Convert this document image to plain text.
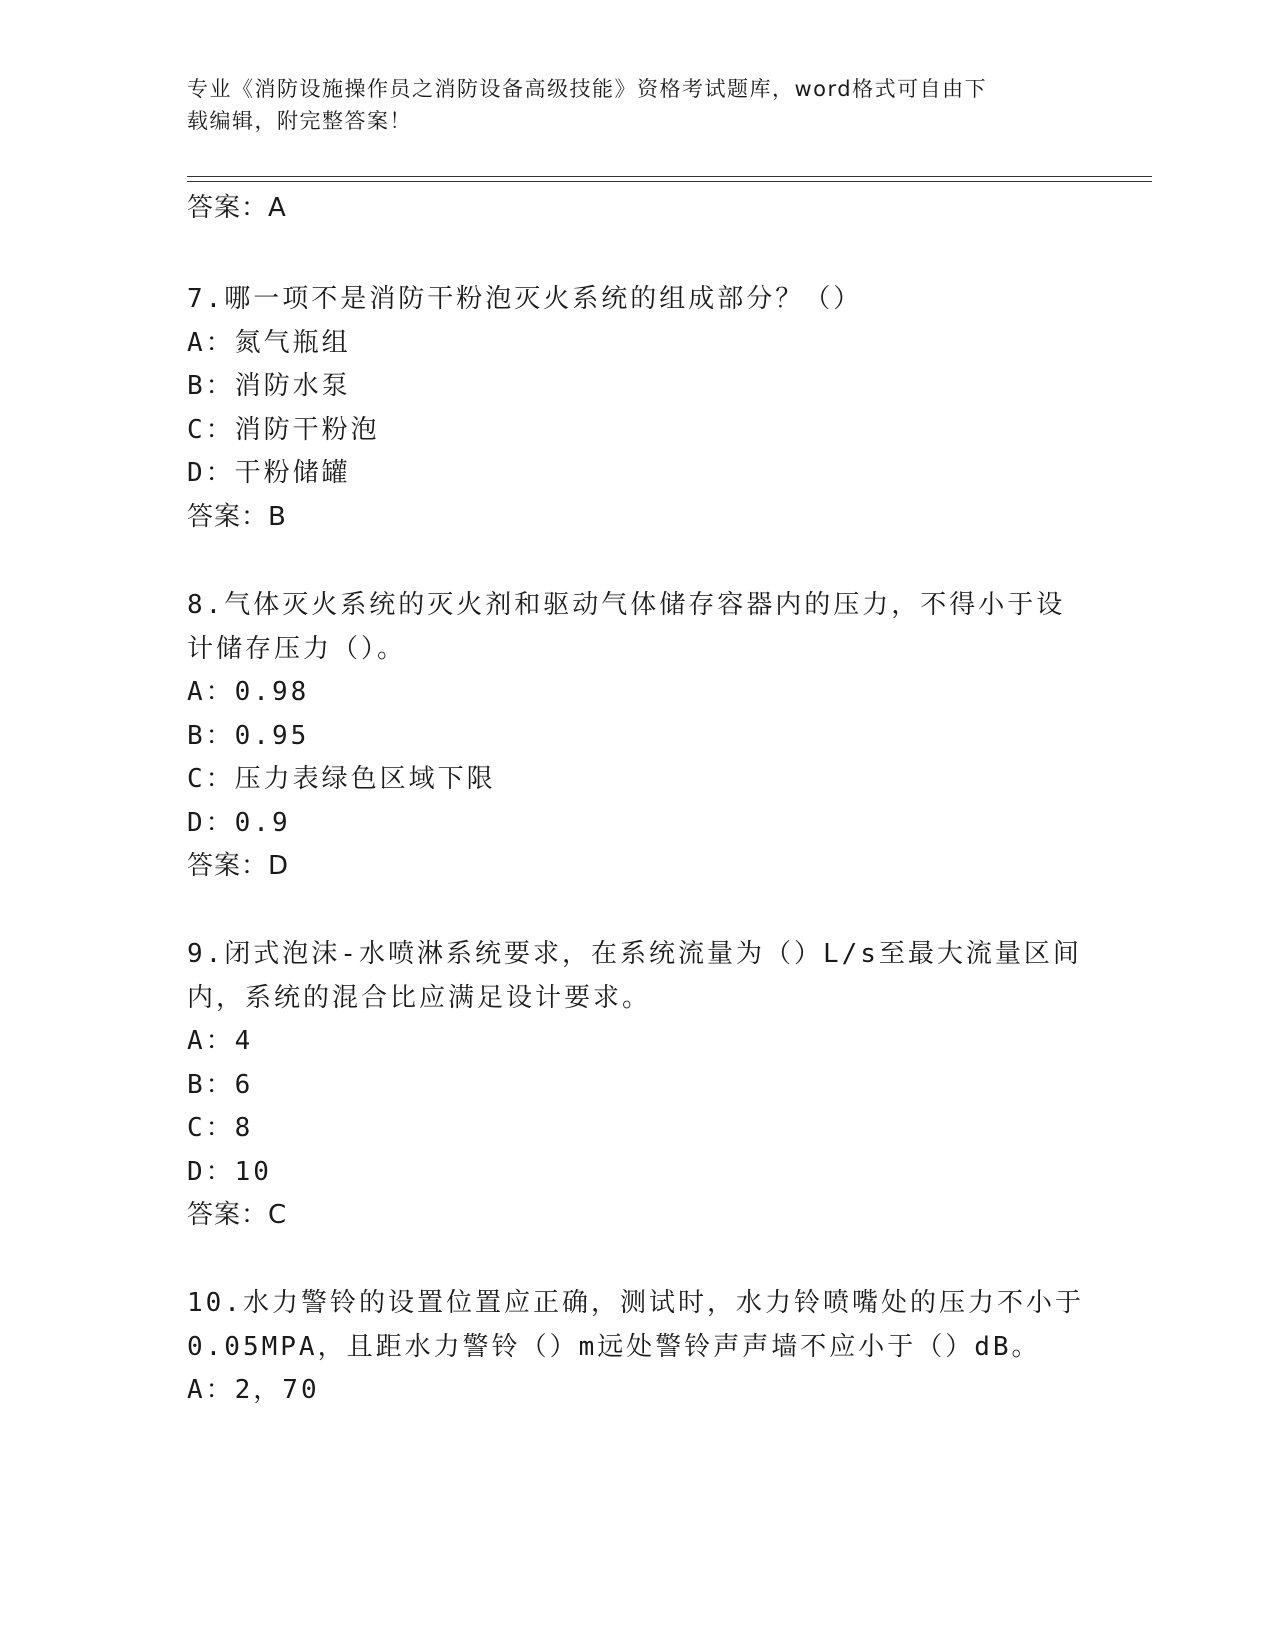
专业《消防设施操作员之消防设备高级技能》资格考试题库，word格式可自由下
载编辑，附完整答案！
答案：A
7.哪一项不是消防干粉泡灭火系统的组成部分？（）
A：氮气瓶组
B：消防水泵
C：消防干粉泡
D：干粉储罐
答案：B
8.气体灭火系统的灭火剂和驱动气体储存容器内的压力，不得小于设
计储存压力（）。
A：0.98
B：0.95
C：压力表绿色区域下限
D：0.9
答案：D
9.闭式泡沫-水喷淋系统要求，在系统流量为（）L/s至最大流量区间
内，系统的混合比应满足设计要求。
A：4
B：6
C：8
D：10
答案：C
10.水力警铃的设置位置应正确，测试时，水力铃喷嘴处的压力不小于
0.05MPA，且距水力警铃（）m远处警铃声声墙不应小于（）dB。
A：2，70
